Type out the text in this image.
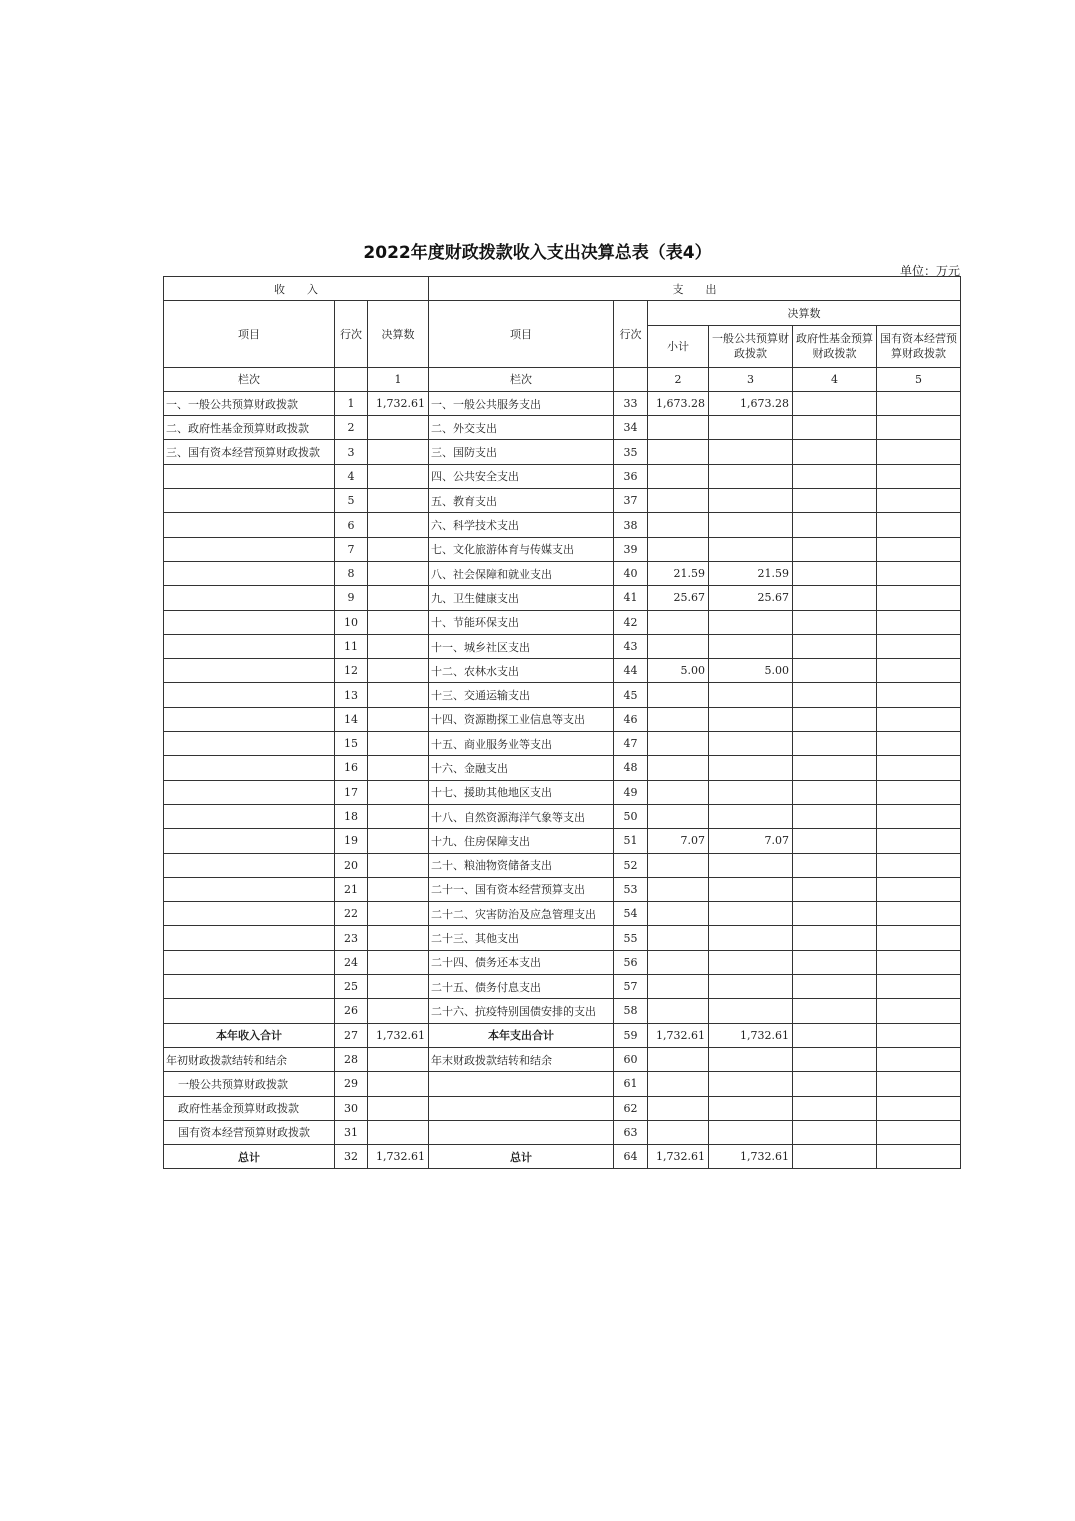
2022年度财政拨款收入支出决算总表（表4）
单位：万元
收　　入			支　　出					
项目	行次	决算数	项目	行次	决算数			
					小计	一般公共预算财政拨款	政府性基金预算财政拨款	国有资本经营预算财政拨款
栏次		1	栏次		2	3	4	5
一、一般公共预算财政拨款	1	1,732.61	一、一般公共服务支出	33	1,673.28	1,673.28		
二、政府性基金预算财政拨款	2		二、外交支出	34				
三、国有资本经营预算财政拨款	3		三、国防支出	35				
	4		四、公共安全支出	36				
	5		五、教育支出	37				
	6		六、科学技术支出	38				
	7		七、文化旅游体育与传媒支出	39				
	8		八、社会保障和就业支出	40	21.59	21.59		
	9		九、卫生健康支出	41	25.67	25.67		
	10		十、节能环保支出	42				
	11		十一、城乡社区支出	43				
	12		十二、农林水支出	44	5.00	5.00		
	13		十三、交通运输支出	45				
	14		十四、资源勘探工业信息等支出	46				
	15		十五、商业服务业等支出	47				
	16		十六、金融支出	48				
	17		十七、援助其他地区支出	49				
	18		十八、自然资源海洋气象等支出	50				
	19		十九、住房保障支出	51	7.07	7.07		
	20		二十、粮油物资储备支出	52				
	21		二十一、国有资本经营预算支出	53				
	22		二十二、灾害防治及应急管理支出	54				
	23		二十三、其他支出	55				
	24		二十四、债务还本支出	56				
	25		二十五、债务付息支出	57				
	26		二十六、抗疫特别国债安排的支出	58				
本年收入合计	27	1,732.61	本年支出合计	59	1,732.61	1,732.61		
年初财政拨款结转和结余	28		年末财政拨款结转和结余	60				
一般公共预算财政拨款	29			61				
政府性基金预算财政拨款	30			62				
国有资本经营预算财政拨款	31			63				
总计	32	1,732.61	总计	64	1,732.61	1,732.61		
